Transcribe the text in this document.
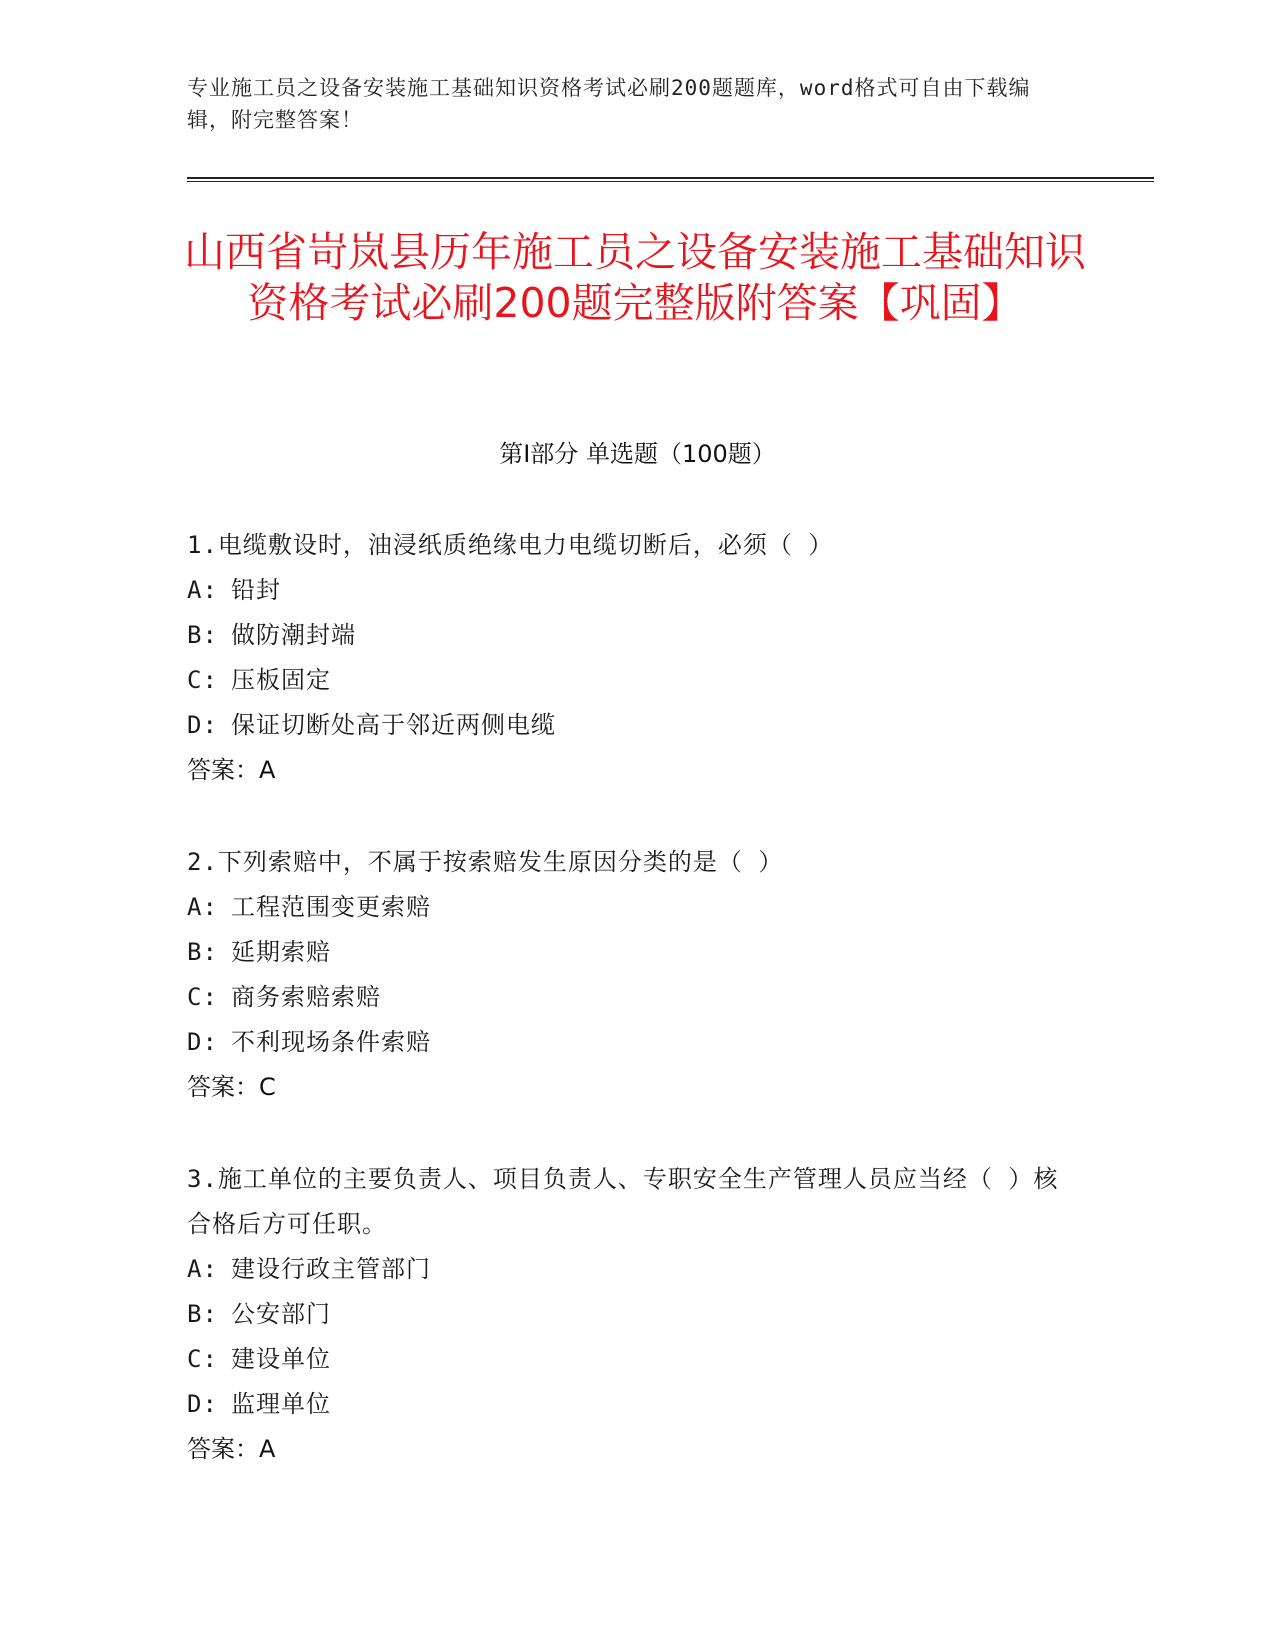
专业施工员之设备安装施工基础知识资格考试必刷200题题库，word格式可自由下载编辑，附完整答案！
山西省岢岚县历年施工员之设备安装施工基础知识资格考试必刷200题完整版附答案【巩固】
第Ⅰ部分 单选题（100题）

1.电缆敷设时，油浸纸质绝缘电力电缆切断后，必须（ ）

A: 铅封

B: 做防潮封端

C: 压板固定

D: 保证切断处高于邻近两侧电缆

答案：A

2.下列索赔中，不属于按索赔发生原因分类的是（ ）

A: 工程范围变更索赔

B: 延期索赔

C: 商务索赔索赔

D: 不利现场条件索赔

答案：C

3.施工单位的主要负责人、项目负责人、专职安全生产管理人员应当经（ ）核合格后方可任职。

A: 建设行政主管部门

B: 公安部门

C: 建设单位

D: 监理单位

答案：A
